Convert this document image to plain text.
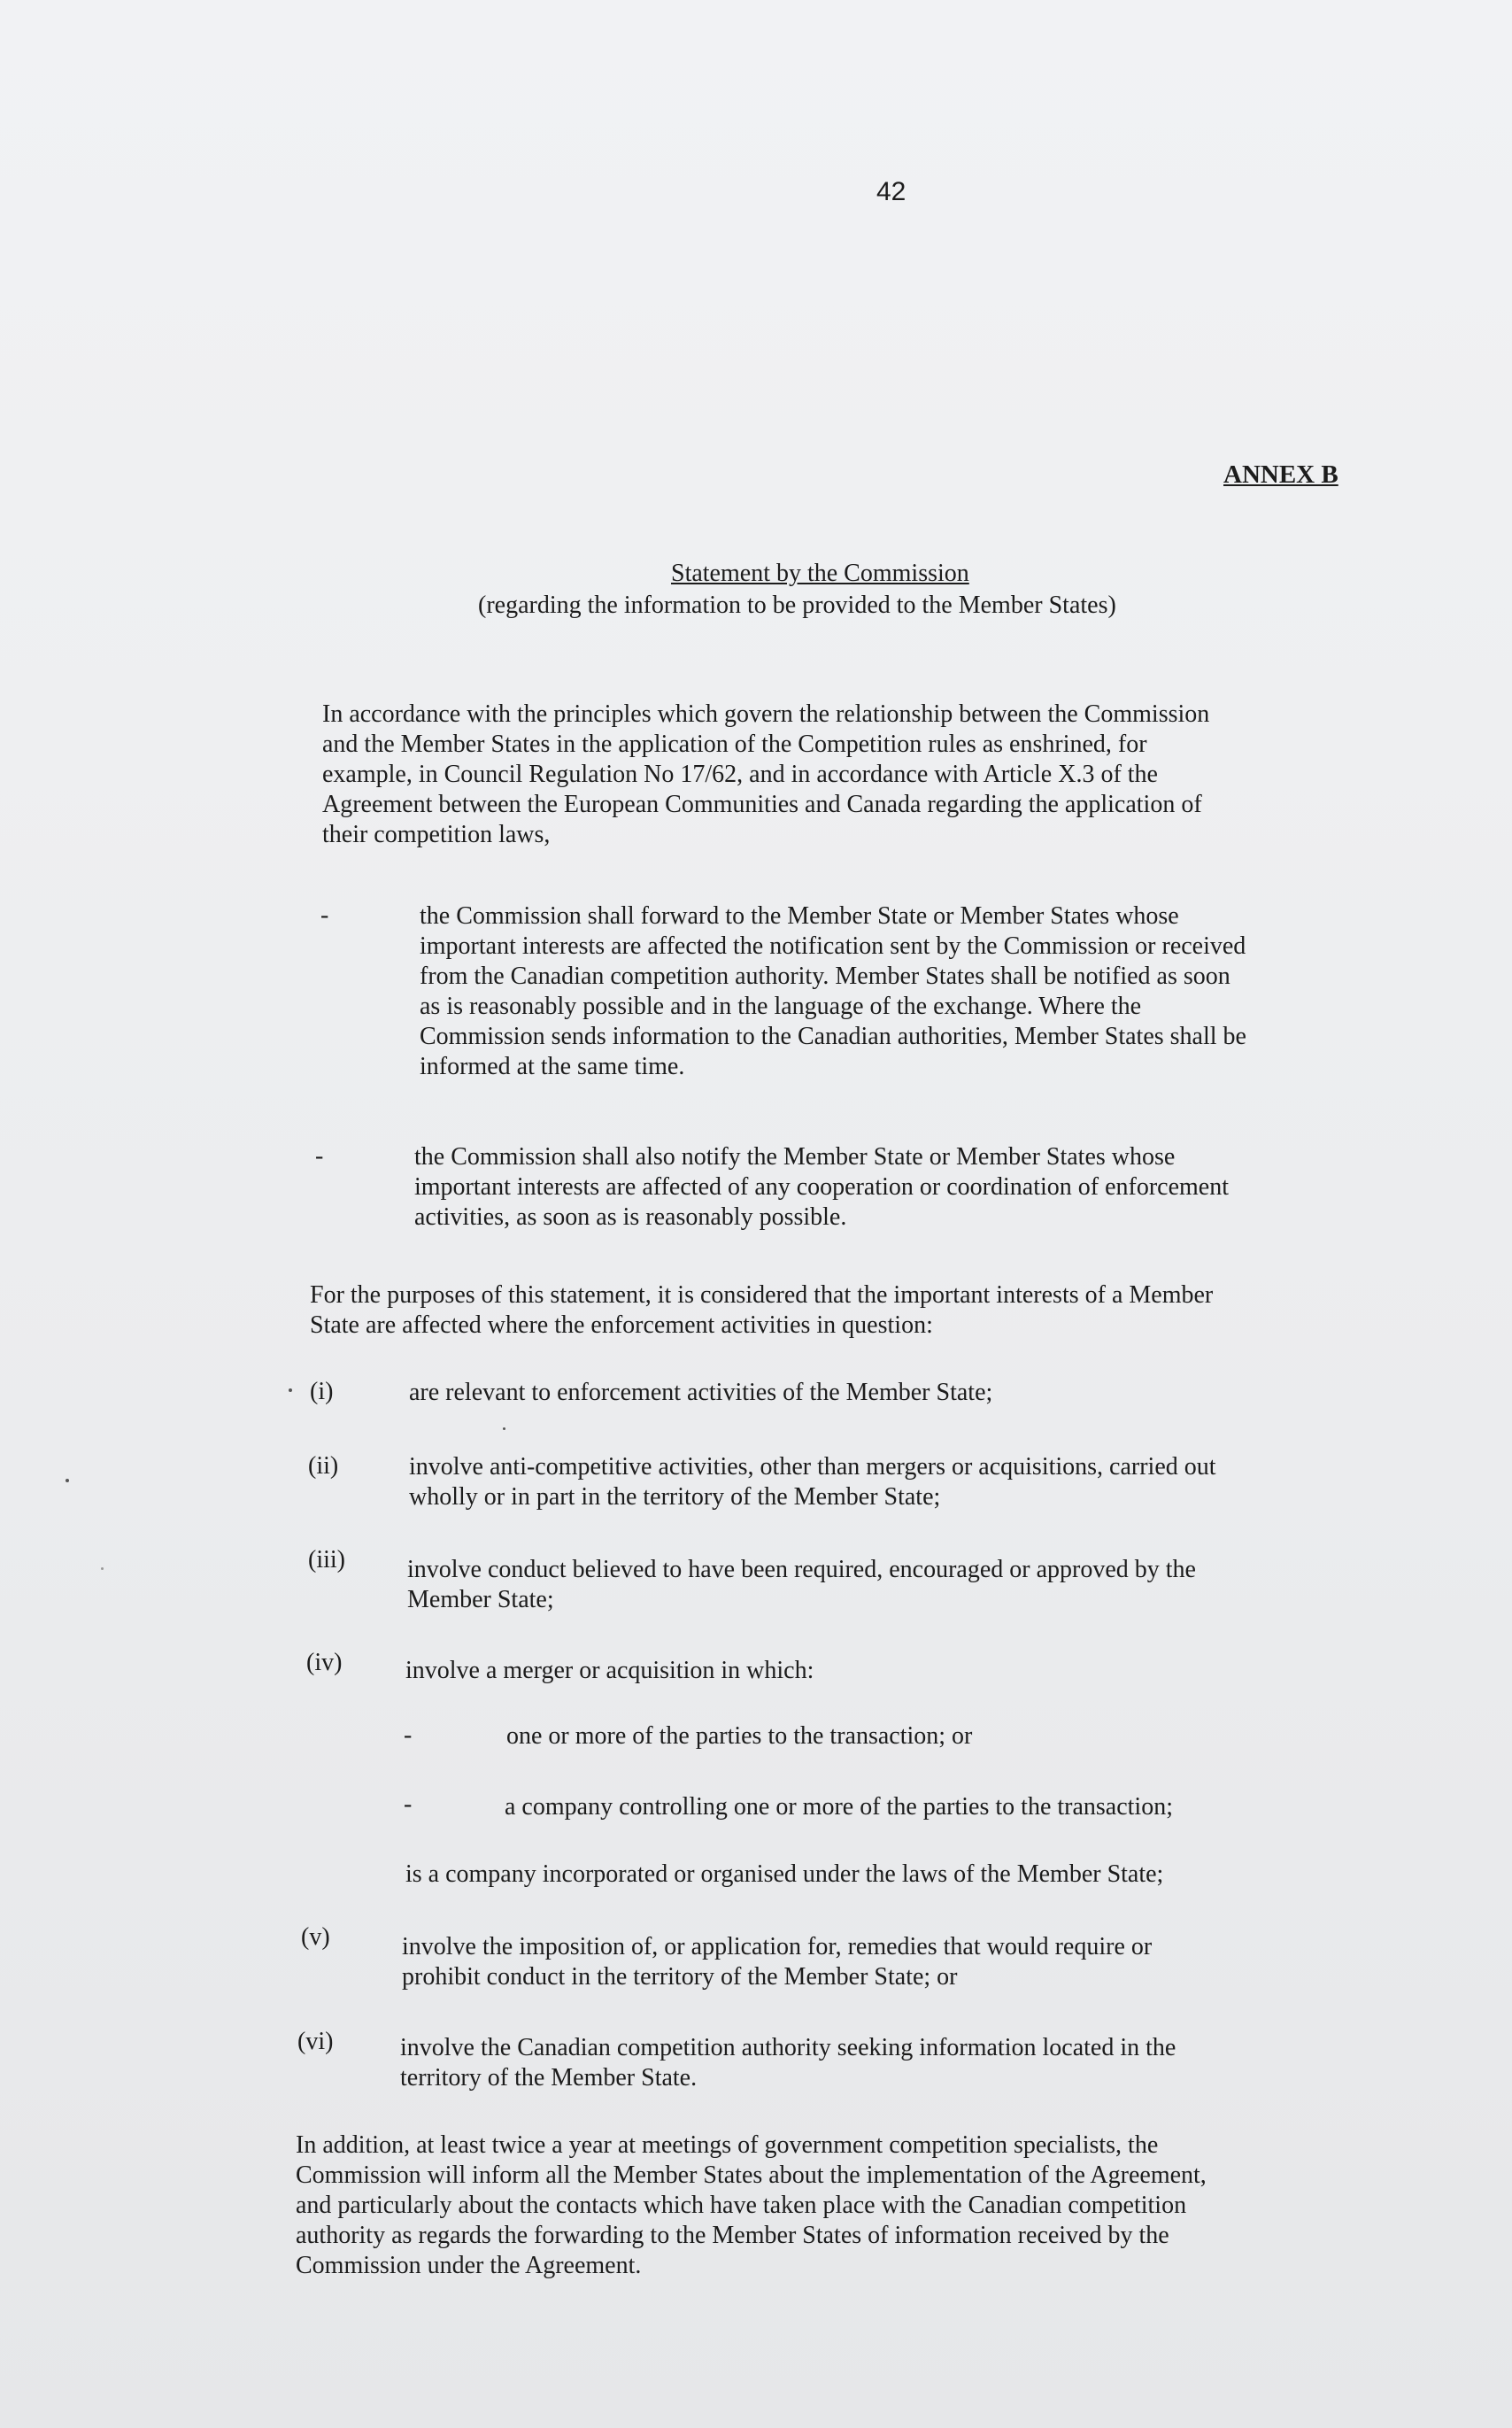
42
ANNEX B
Statement by the Commission
(regarding the information to be provided to the Member States)
In accordance with the principles which govern the relationship between the Commission
and the Member States in the application of the Competition rules as enshrined, for
example, in Council Regulation No 17/62, and in accordance with Article X.3 of the
Agreement between the European Communities and Canada regarding the application of
their competition laws,
-	the Commission shall forward to the Member State or Member States whose
important interests are affected the notification sent by the Commission or received
from the Canadian competition authority. Member States shall be notified as soon
as is reasonably possible and in the language of the exchange. Where the
Commission sends information to the Canadian authorities, Member States shall be
informed at the same time.
-	the Commission shall also notify the Member State or Member States whose
important interests are affected of any cooperation or coordination of enforcement
activities, as soon as is reasonably possible.
For the purposes of this statement, it is considered that the important interests of a Member
State are affected where the enforcement activities in question:
(i)	are relevant to enforcement activities of the Member State;
(ii)	involve anti-competitive activities, other than mergers or acquisitions, carried out
wholly or in part in the territory of the Member State;
(iii)	involve conduct believed to have been required, encouraged or approved by the
Member State;
(iv)	involve a merger or acquisition in which:
-	one or more of the parties to the transaction; or
-	a company controlling one or more of the parties to the transaction;
is a company incorporated or organised under the laws of the Member State;
(v)	involve the imposition of, or application for, remedies that would require or
prohibit conduct in the territory of the Member State; or
(vi)	involve the Canadian competition authority seeking information located in the
territory of the Member State.
In addition, at least twice a year at meetings of government competition specialists, the
Commission will inform all the Member States about the implementation of the Agreement,
and particularly about the contacts which have taken place with the Canadian competition
authority as regards the forwarding to the Member States of information received by the
Commission under the Agreement.
